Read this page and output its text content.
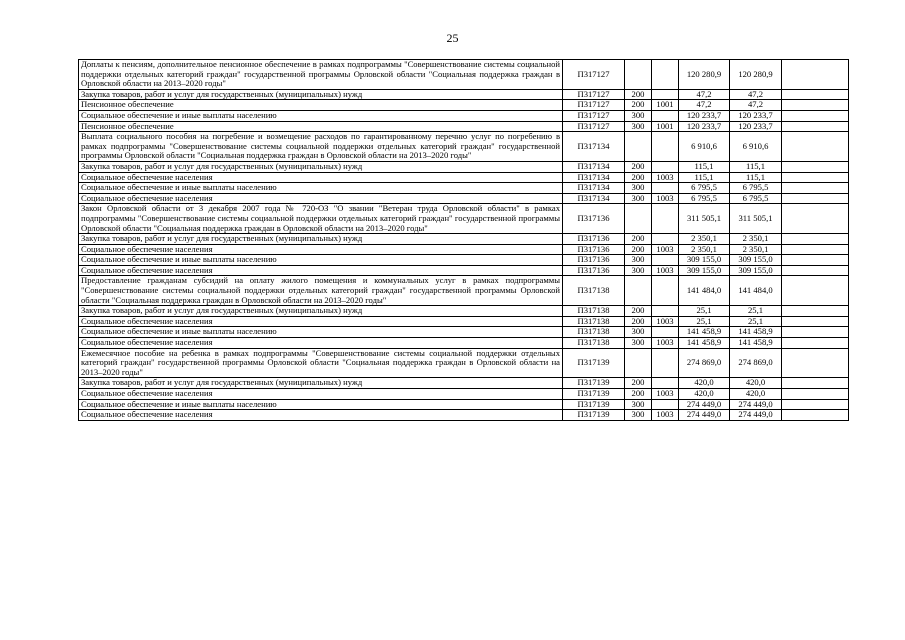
25
Доплаты к пенсиям, дополнительное пенсионное обеспечение в рамках подпрограммы "Совершенствование системы социальной поддержки отдельных категорий граждан" государственной программы Орловской области "Социальная поддержка граждан в Орловской области на 2013–2020 годы"	П317127			120 280,9	120 280,9	
Закупка товаров, работ и услуг для государственных (муниципальных) нужд	П317127	200		47,2	47,2	
Пенсионное обеспечение	П317127	200	1001	47,2	47,2	
Социальное обеспечение и иные выплаты населению	П317127	300		120 233,7	120 233,7	
Пенсионное обеспечение	П317127	300	1001	120 233,7	120 233,7	
Выплата социального пособия на погребение и возмещение расходов по гарантированному перечню услуг по погребению в рамках подпрограммы "Совершенствование системы социальной поддержки отдельных категорий граждан" государственной программы Орловской области "Социальная поддержка граждан в Орловской области на 2013–2020 годы"	П317134			6 910,6	6 910,6	
Закупка товаров, работ и услуг для государственных (муниципальных) нужд	П317134	200		115,1	115,1	
Социальное обеспечение населения	П317134	200	1003	115,1	115,1	
Социальное обеспечение и иные выплаты населению	П317134	300		6 795,5	6 795,5	
Социальное обеспечение населения	П317134	300	1003	6 795,5	6 795,5	
Закон Орловской области от 3 декабря 2007 года № 720-ОЗ "О звании "Ветеран труда Орловской области" в рамках подпрограммы "Совершенствование системы социальной поддержки отдельных категорий граждан" государственной программы Орловской области "Социальная поддержка граждан в Орловской области на 2013–2020 годы"	П317136			311 505,1	311 505,1	
Закупка товаров, работ и услуг для государственных (муниципальных) нужд	П317136	200		2 350,1	2 350,1	
Социальное обеспечение населения	П317136	200	1003	2 350,1	2 350,1	
Социальное обеспечение и иные выплаты населению	П317136	300		309 155,0	309 155,0	
Социальное обеспечение населения	П317136	300	1003	309 155,0	309 155,0	
Предоставление гражданам субсидий на оплату жилого помещения и коммунальных услуг в рамках подпрограммы "Совершенствование системы социальной поддержки отдельных категорий граждан" государственной программы Орловской области "Социальная поддержка граждан в Орловской области на 2013–2020 годы"	П317138			141 484,0	141 484,0	
Закупка товаров, работ и услуг для государственных (муниципальных) нужд	П317138	200		25,1	25,1	
Социальное обеспечение населения	П317138	200	1003	25,1	25,1	
Социальное обеспечение и иные выплаты населению	П317138	300		141 458,9	141 458,9	
Социальное обеспечение населения	П317138	300	1003	141 458,9	141 458,9	
Ежемесячное пособие на ребенка в рамках подпрограммы "Совершенствование системы социальной поддержки отдельных категорий граждан" государственной программы Орловской области "Социальная поддержка граждан в Орловской области на 2013–2020 годы"	П317139			274 869,0	274 869,0	
Закупка товаров, работ и услуг для государственных (муниципальных) нужд	П317139	200		420,0	420,0	
Социальное обеспечение населения	П317139	200	1003	420,0	420,0	
Социальное обеспечение и иные выплаты населению	П317139	300		274 449,0	274 449,0	
Социальное обеспечение населения	П317139	300	1003	274 449,0	274 449,0	
